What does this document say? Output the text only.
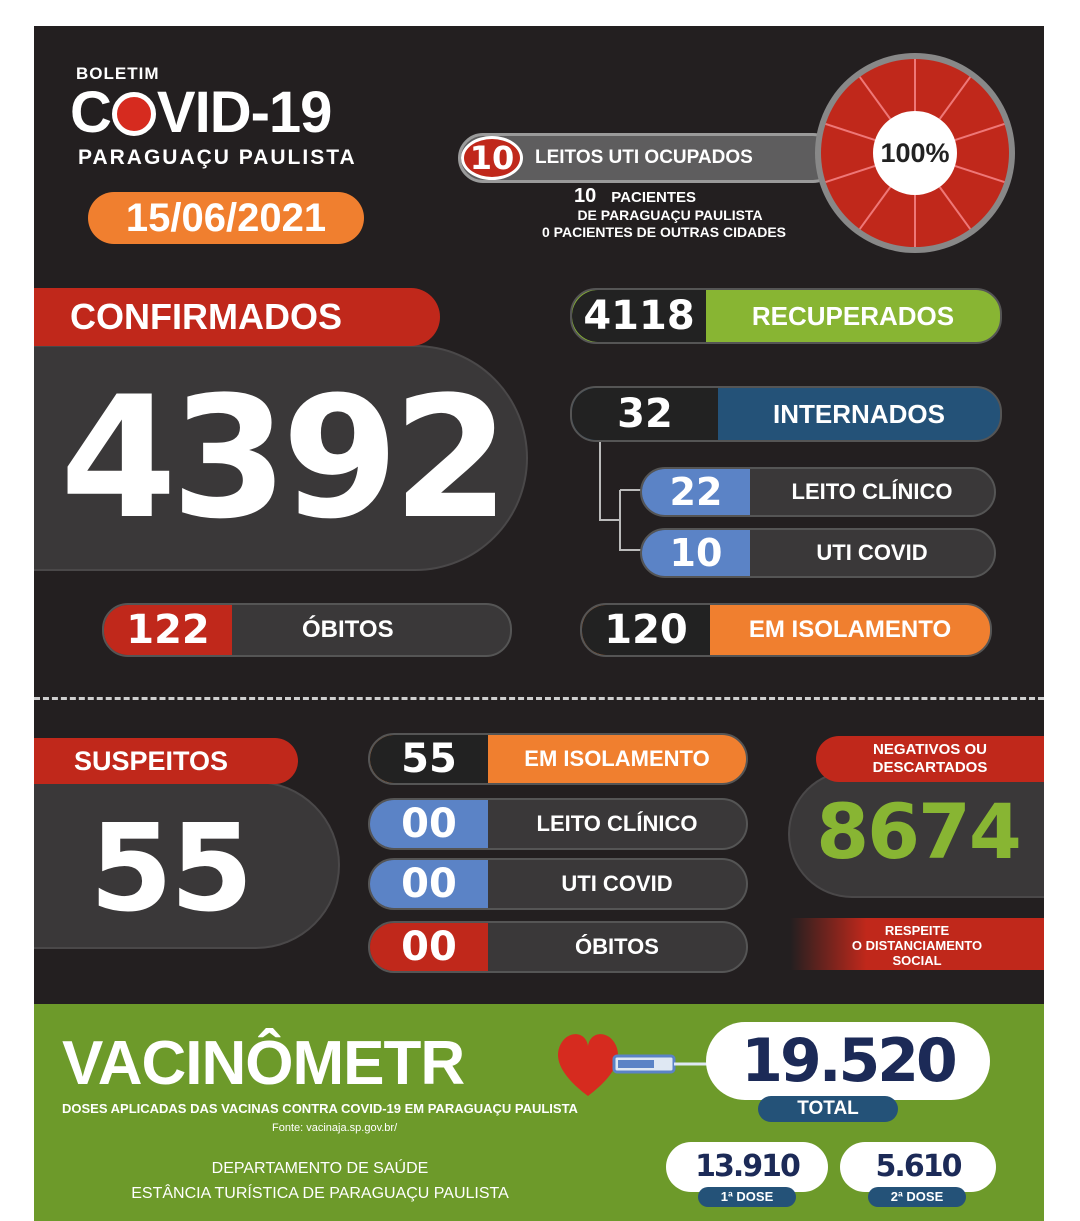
BOLETIM
C VID-19
PARAGUAÇU PAULISTA
15/06/2021
10	LEITOS UTI OCUPADOS
10 PACIENTES
DE PARAGUAÇU PAULISTA
0 PACIENTES DE OUTRAS CIDADES
100%
CONFIRMADOS
4392
122	ÓBITOS
4118	RECUPERADOS
32	INTERNADOS
22	LEITO CLÍNICO
10	UTI COVID
120	EM ISOLAMENTO
SUSPEITOS
55
55	EM ISOLAMENTO
00	LEITO CLÍNICO
00	UTI COVID
00	ÓBITOS
NEGATIVOS OU
DESCARTADOS
8674
RESPEITE
O DISTANCIAMENTO
SOCIAL
VACINÔMETR
DOSES APLICADAS DAS VACINAS CONTRA COVID-19 EM PARAGUAÇU PAULISTA
Fonte: vacinaja.sp.gov.br/
19.520
TOTAL
13.910
1ª DOSE
5.610
2ª DOSE
DEPARTAMENTO DE SAÚDE
ESTÂNCIA TURÍSTICA DE PARAGUAÇU PAULISTA
